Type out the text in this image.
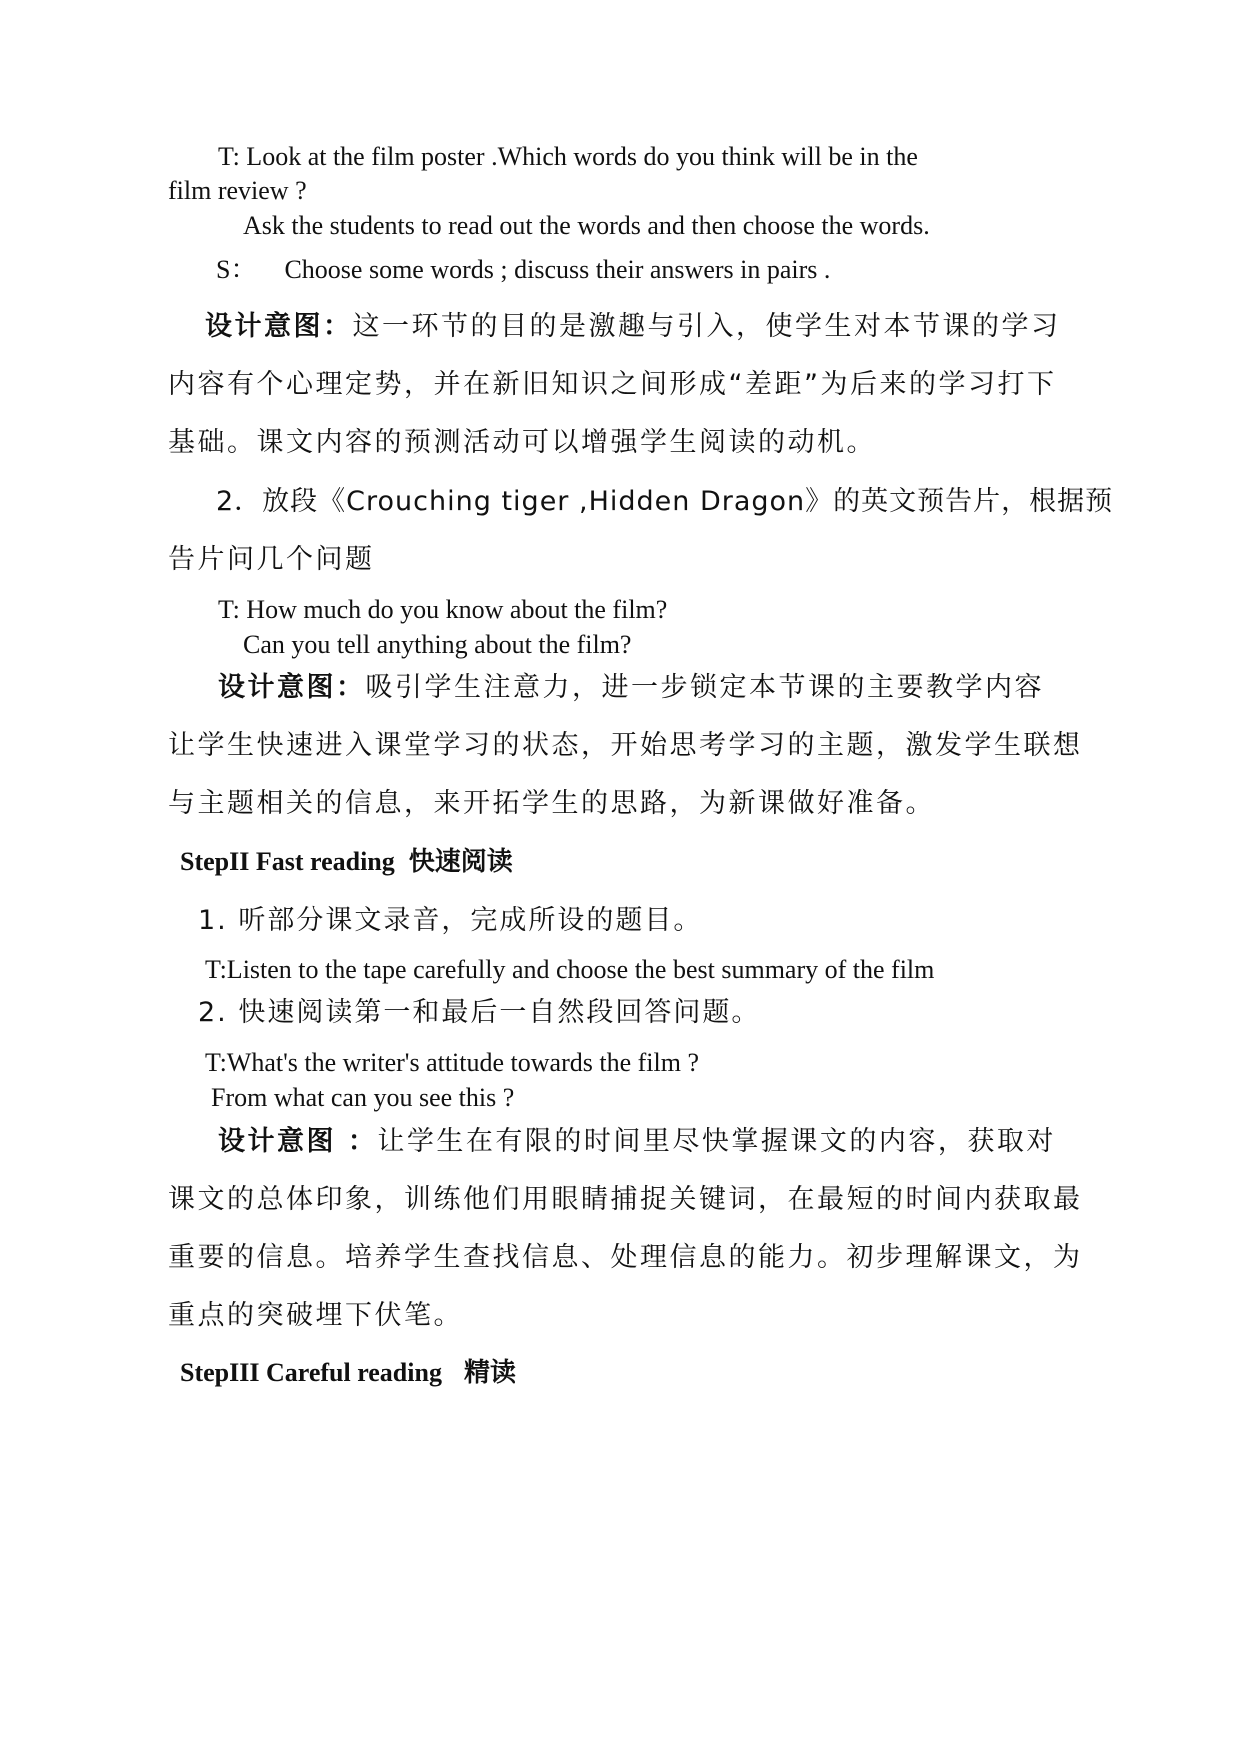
T: Look at the film poster .Which words do you think will be in the
film review ?
Ask the students to read out the words and then choose the words.
S： Choose some words ; discuss their answers in pairs .
设计意图：这一环节的目的是激趣与引入，使学生对本节课的学习
内容有个心理定势，并在新旧知识之间形成“差距”为后来的学习打下
基础。课文内容的预测活动可以增强学生阅读的动机。
2．放段《Crouching tiger ,Hidden Dragon》的英文预告片，根据预
告片问几个问题
T: How much do you know about the film?
Can you tell anything about the film?
设计意图：吸引学生注意力，进一步锁定本节课的主要教学内容
让学生快速进入课堂学习的状态，开始思考学习的主题，激发学生联想
与主题相关的信息，来开拓学生的思路，为新课做好准备。
StepII Fast reading 快速阅读
1. 听部分课文录音，完成所设的题目。
T:Listen to the tape carefully and choose the best summary of the film
2. 快速阅读第一和最后一自然段回答问题。
T:What's the writer's attitude towards the film ?
From what can you see this ?
设计意图 ：让学生在有限的时间里尽快掌握课文的内容，获取对
课文的总体印象，训练他们用眼睛捕捉关键词，在最短的时间内获取最
重要的信息。培养学生查找信息、处理信息的能力。初步理解课文，为
重点的突破埋下伏笔。
StepIII Careful reading 精读
